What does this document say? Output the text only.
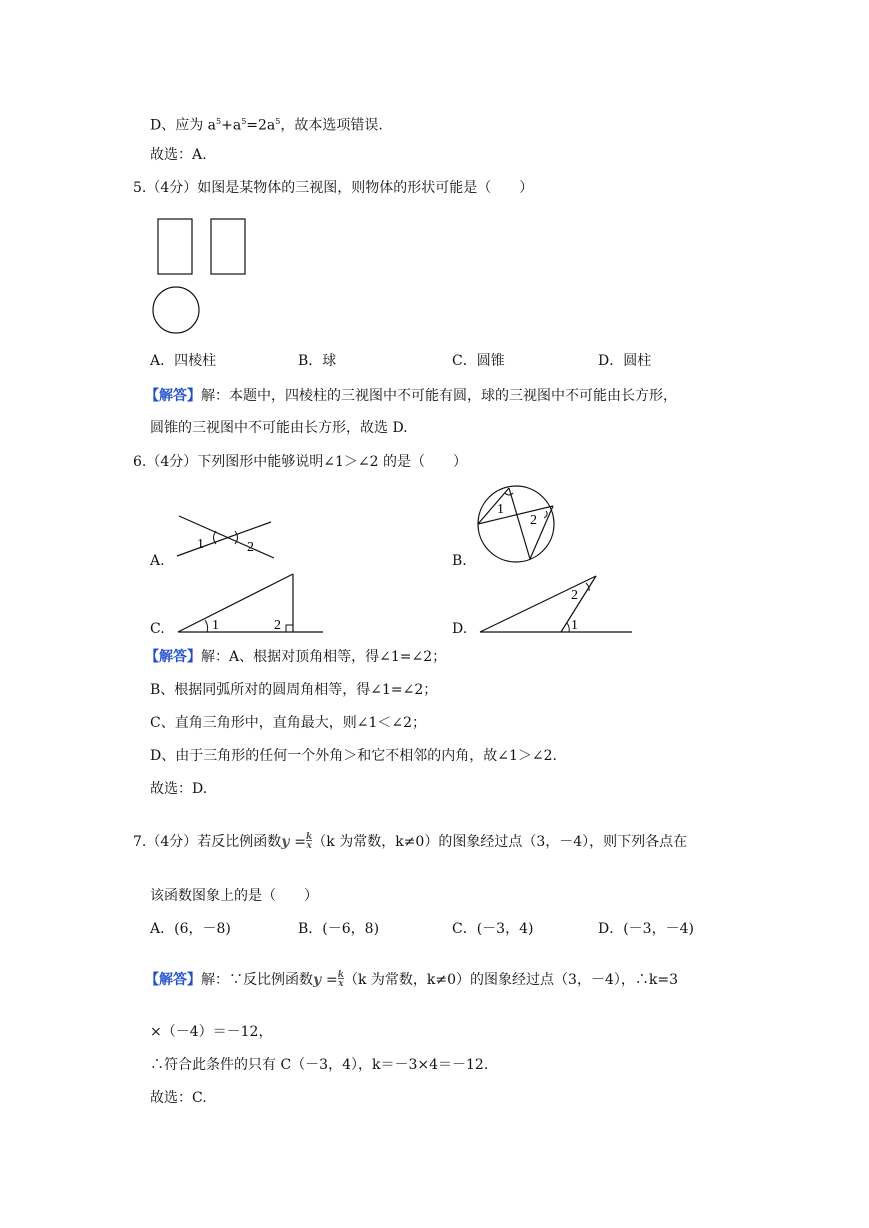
D、应为 $a^5+a^5=2a^5$，故本选项错误.
故选：A.
5.（4分）如图是某物体的三视图，则物体的形状可能是（　　）
A．四棱柱	B．球	C．圆锥	D．圆柱
【解答】解：本题中，四棱柱的三视图中不可能有圆，球的三视图中不可能由长方形，
圆锥的三视图中不可能由长方形，故选 D.
6.（4分）下列图形中能够说明∠1＞∠2 的是（　　）
A.
1	2
B.
1
2
C.	1	2	D.	1
2
【解答】解：A、根据对顶角相等，得∠1=∠2；
B、根据同弧所对的圆周角相等，得∠1=∠2；
C、直角三角形中，直角最大，则∠1＜∠2；
D、由于三角形的任何一个外角＞和它不相邻的内角，故∠1＞∠2.
故选：D.
7.（4分）若反比例函数$y =\frac{k}{x}(k$ 为常数，k≠0）的图象经过点（3，－4），则下列各点在
该函数图象上的是（　　）
A．(6，－8)	B．(－6，8)	C．(－3，4)	D．(－3，－4)
【解答】解：∵反比例函数$y =\frac{k}{x}(k$ 为常数，k≠0）的图象经过点（3，－4），∴k=3
×（－4）＝－12，
∴符合此条件的只有 C（－3，4），k＝－3×4＝－12.
故选：C.
